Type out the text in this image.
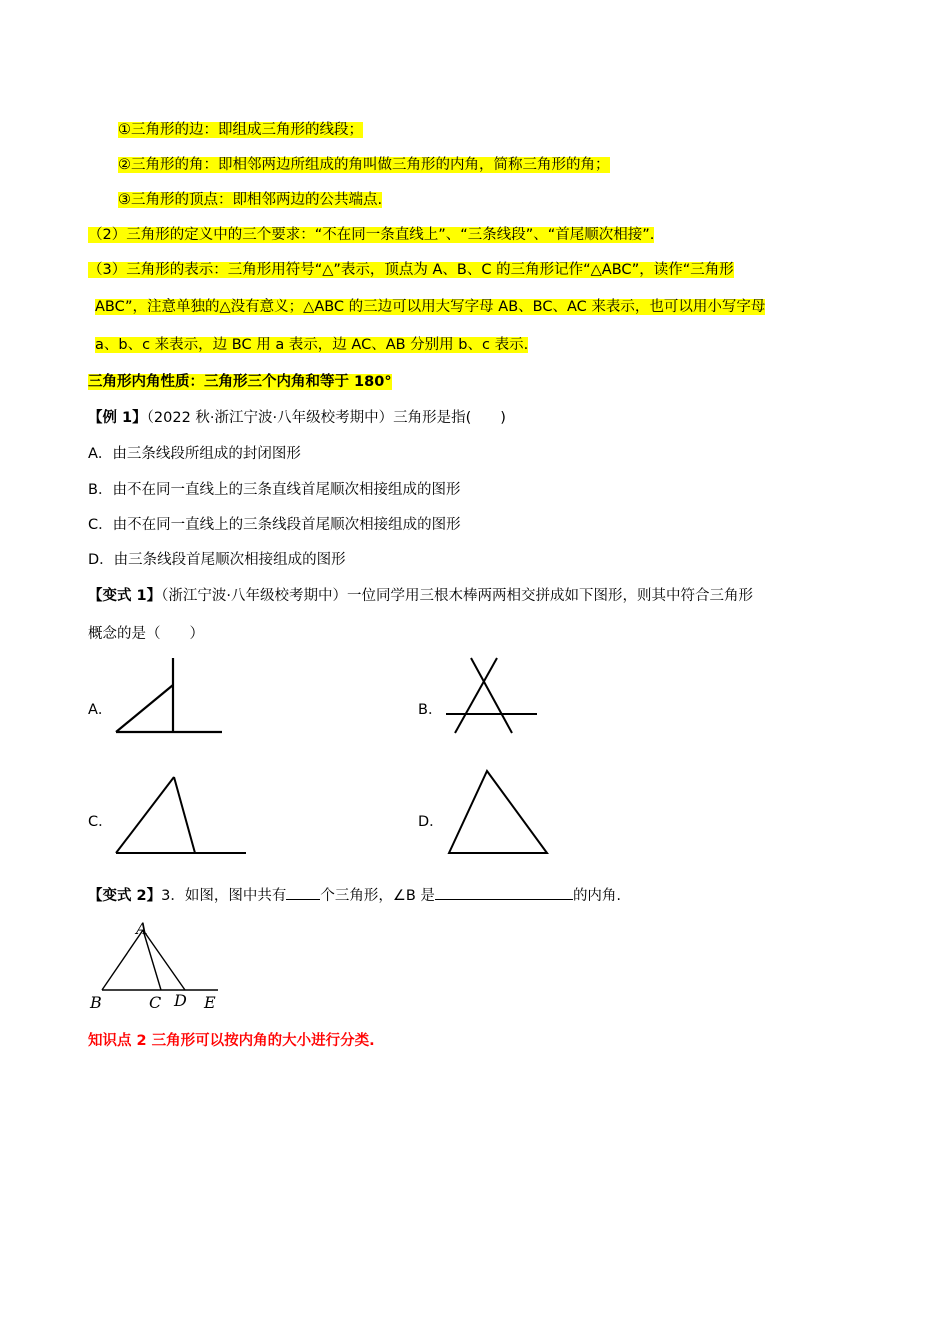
①三角形的边：即组成三角形的线段；
②三角形的角：即相邻两边所组成的角叫做三角形的内角，简称三角形的角；
③三角形的顶点：即相邻两边的公共端点.
（2）三角形的定义中的三个要求：“不在同一条直线上”、“三条线段”、“首尾顺次相接”.
（3）三角形的表示：三角形用符号“△”表示，顶点为 A、B、C 的三角形记作“△ABC”，读作“三角形
ABC”，注意单独的△没有意义；△ABC 的三边可以用大写字母 AB、BC、AC 来表示，也可以用小写字母
a、b、c 来表示，边 BC 用 a 表示，边 AC、AB 分别用 b、c 表示.
三角形内角性质：三角形三个内角和等于 180°
【例 1】（2022 秋·浙江宁波·八年级校考期中）三角形是指(　　)
A．由三条线段所组成的封闭图形
B．由不在同一直线上的三条直线首尾顺次相接组成的图形
C．由不在同一直线上的三条线段首尾顺次相接组成的图形
D．由三条线段首尾顺次相接组成的图形
【变式 1】（浙江宁波·八年级校考期中）一位同学用三根木棒两两相交拼成如下图形，则其中符合三角形
概念的是（　　）
A．	B．
C．	D．
【变式 2】3．如图，图中共有 个三角形，∠B 是	的内角.
A
B	C D E
知识点 2 三角形可以按内角的大小进行分类.
